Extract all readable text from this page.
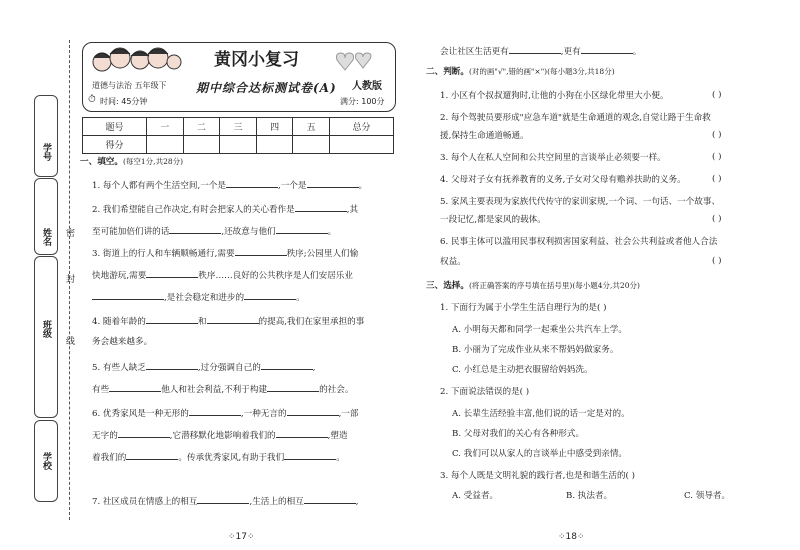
学号
姓名
班级
学校
密
封
线
黄冈小复习
道德与法治 五年级下 期中综合达标测试卷(A) 人教版
⏱ 时间: 45分钟	满分: 100分
题号	一	二	三	四	五	总分
得分						
一、填空。(每空1分,共28分)
1. 每个人都有两个生活空间,一个是	,一个是	。
2. 我们希望能自己作决定,有时会把家人的关心看作是	,其
至可能加倍们讲的话	,还故意与他们	。
3. 街道上的行人和车辆顺畅通行,需要	秩序;公园里人们愉
快地游玩,需要	秩序……良好的公共秩序是人们安居乐业
,是社会稳定和进步的	。
4. 随着年龄的	和	的提高,我们在家里承担的事
务会越来越多。
5. 有些人缺乏	,过分强调自己的	,
有些	他人和社会利益,不利于构建	的社会。
6. 优秀家风是一种无形的	,一种无言的	,一部
无字的	,它潜移默化地影响着我们的	,塑造
着我们的	。传承优秀家风,有助于我们	。
7. 社区成员在情感上的相互	,生活上的相互	,
⁘17⁘
会让社区生活更有	,更有	。
二、判断。(对的画"√",错的画"×")(每小题3分,共18分)
1. 小区有个叔叔遛狗时,让他的小狗在小区绿化带里大小便。	( )
2. 每个驾驶员要形成"应急车道"就是生命通道的观念,自觉让路于生命救
援,保持生命通道畅通。	( )
3. 每个人在私人空间和公共空间里的言谈举止必须要一样。	( )
4. 父母对子女有抚养教育的义务,子女对父母有赡养扶助的义务。	( )
5. 家风主要表现为家族代代传守的家训家规,一个词、一句话、一个故事、
一段记忆,都是家风的载体。	( )
6. 民事主体可以滥用民事权利损害国家利益、社会公共利益或者他人合法
权益。	( )
三、选择。(将正确答案的序号填在括号里)(每小题4分,共20分)
1. 下面行为属于小学生生活自理行为的是( )
A. 小明每天都和同学一起乘坐公共汽车上学。
B. 小丽为了完成作业从来不帮妈妈做家务。
C. 小红总是主动把衣服留给妈妈洗。
2. 下面说法错误的是( )
A. 长辈生活经验丰富,他们说的话一定是对的。
B. 父母对我们的关心有各种形式。
C. 我们可以从家人的言谈举止中感受到亲情。
3. 每个人既是文明礼貌的践行者,也是和谐生活的( )
A. 受益者。	B. 执法者。	C. 领导者。
⁘18⁘
